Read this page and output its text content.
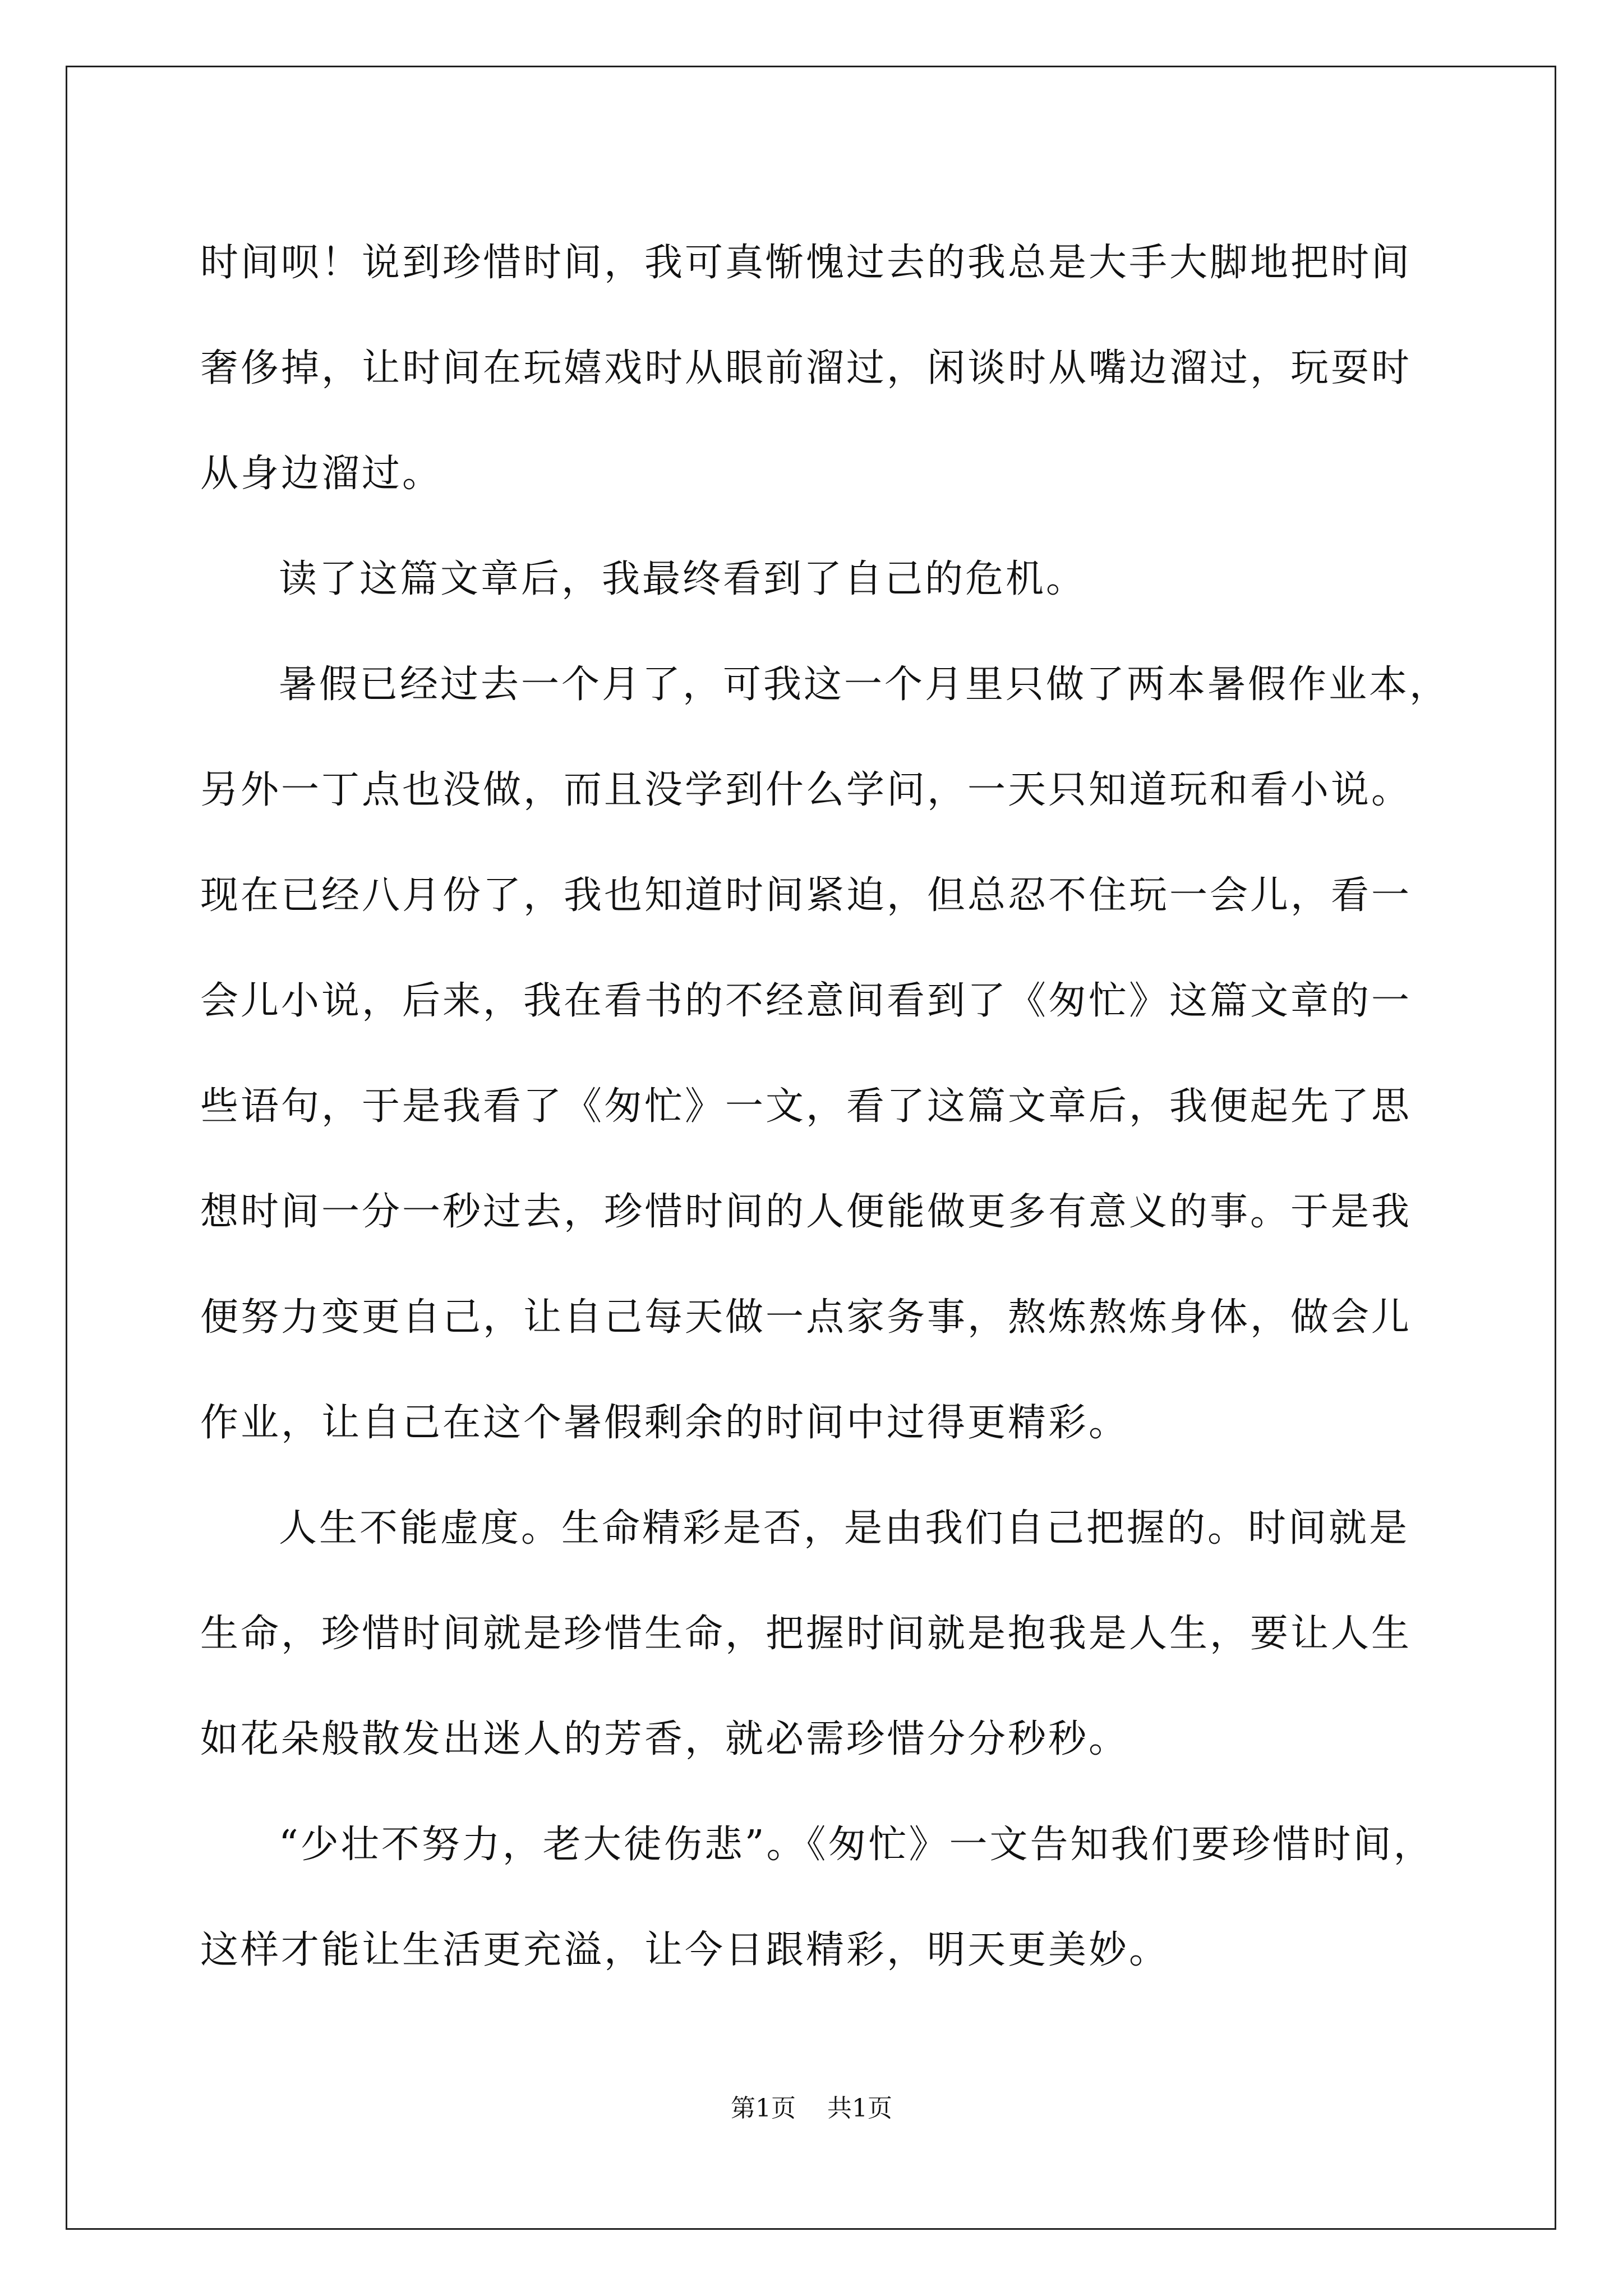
时间呗！说到珍惜时间，我可真惭愧过去的我总是大手大脚地把时间
奢侈掉，让时间在玩嬉戏时从眼前溜过，闲谈时从嘴边溜过，玩耍时
从身边溜过。
读了这篇文章后，我最终看到了自己的危机。
暑假已经过去一个月了，可我这一个月里只做了两本暑假作业本，
另外一丁点也没做，而且没学到什么学问，一天只知道玩和看小说。
现在已经八月份了，我也知道时间紧迫，但总忍不住玩一会儿，看一
会儿小说，后来，我在看书的不经意间看到了《匆忙》这篇文章的一
些语句，于是我看了《匆忙》一文，看了这篇文章后，我便起先了思
想时间一分一秒过去，珍惜时间的人便能做更多有意义的事。于是我
便努力变更自己，让自己每天做一点家务事，熬炼熬炼身体，做会儿
作业，让自己在这个暑假剩余的时间中过得更精彩。
人生不能虚度。生命精彩是否，是由我们自己把握的。时间就是
生命，珍惜时间就是珍惜生命，把握时间就是抱我是人生，要让人生
如花朵般散发出迷人的芳香，就必需珍惜分分秒秒。
“少壮不努力，老大徒伤悲”。《匆忙》一文告知我们要珍惜时间，
这样才能让生活更充溢，让今日跟精彩，明天更美妙。
第1页 共1页
